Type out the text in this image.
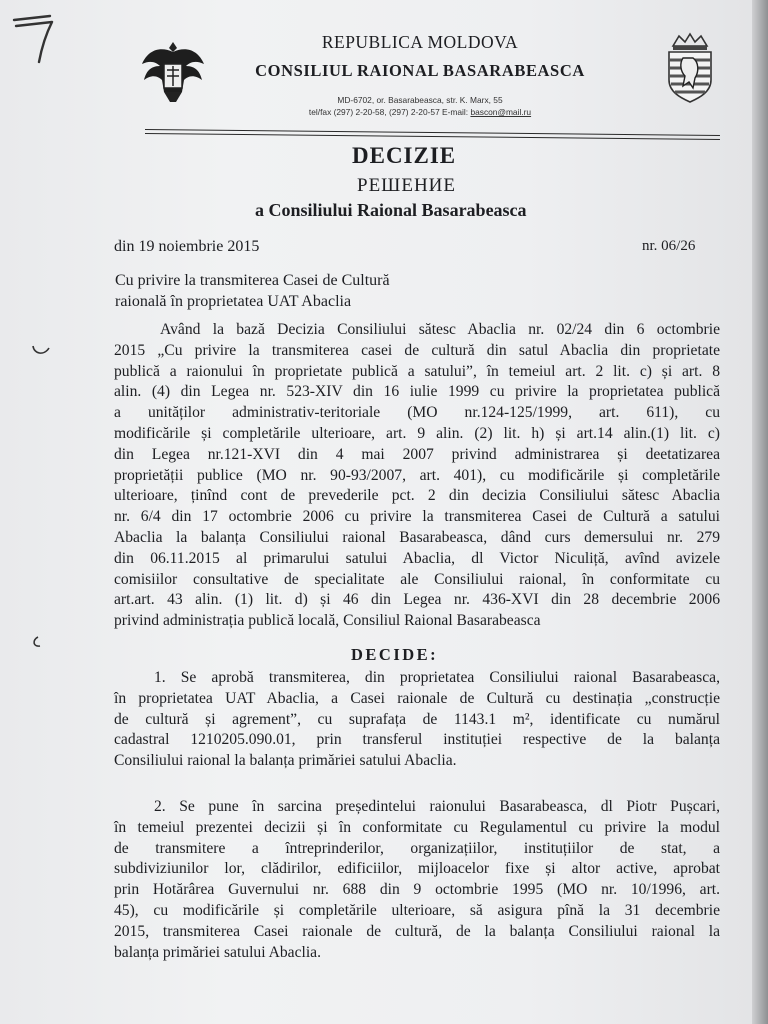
REPUBLICA MOLDOVA
CONSILIUL RAIONAL BASARABEASCA
MD-6702, or. Basarabeasca, str. K. Marx, 55
tel/fax (297) 2-20-58, (297) 2-20-57 E-mail: bascon@mail.ru
DECIZIE
РЕШЕНИЕ
a Consiliului Raional Basarabeasca
din 19 noiembrie 2015	nr. 06/26
Cu privire la transmiterea Casei de Cultură
raională în proprietatea UAT Abaclia
Având la bază Decizia Consiliului sătesc Abaclia nr. 02/24 din 6 octombrie
2015 „Cu privire la transmiterea casei de cultură din satul Abaclia din proprietate
publică a raionului în proprietate publică a satului”, în temeiul art. 2 lit. c) și art. 8
alin. (4) din Legea nr. 523-XIV din 16 iulie 1999 cu privire la proprietatea publică
a unităților administrativ-teritoriale (MO nr.124-125/1999, art. 611), cu
modificările și completările ulterioare, art. 9 alin. (2) lit. h) și art.14 alin.(1) lit. c)
din Legea nr.121-XVI din 4 mai 2007 privind administrarea și deetatizarea
proprietății publice (MO nr. 90-93/2007, art. 401), cu modificările și completările
ulterioare, ținînd cont de prevederile pct. 2 din decizia Consiliului sătesc Abaclia
nr. 6/4 din 17 octombrie 2006 cu privire la transmiterea Casei de Cultură a satului
Abaclia la balanța Consiliului raional Basarabeasca, dând curs demersului nr. 279
din 06.11.2015 al primarului satului Abaclia, dl Victor Niculiță, avînd avizele
comisiilor consultative de specialitate ale Consiliului raional, în conformitate cu
art.art. 43 alin. (1) lit. d) și 46 din Legea nr. 436-XVI din 28 decembrie 2006
privind administrația publică locală, Consiliul Raional Basarabeasca
DECIDE:
1. Se aprobă transmiterea, din proprietatea Consiliului raional Basarabeasca,
în proprietatea UAT Abaclia, a Casei raionale de Cultură cu destinația „construcție
de cultură și agrement”, cu suprafața de 1143.1 m², identificate cu numărul
cadastral 1210205.090.01, prin transferul instituției respective de la balanța
Consiliului raional la balanța primăriei satului Abaclia.
2. Se pune în sarcina președintelui raionului Basarabeasca, dl Piotr Pușcari,
în temeiul prezentei decizii și în conformitate cu Regulamentul cu privire la modul
de transmitere a întreprinderilor, organizațiilor, instituțiilor de stat, a
subdiviziunilor lor, clădirilor, edificiilor, mijloacelor fixe și altor active, aprobat
prin Hotărârea Guvernului nr. 688 din 9 octombrie 1995 (MO nr. 10/1996, art.
45), cu modificările și completările ulterioare, să asigura pînă la 31 decembrie
2015, transmiterea Casei raionale de cultură, de la balanța Consiliului raional la
balanța primăriei satului Abaclia.
